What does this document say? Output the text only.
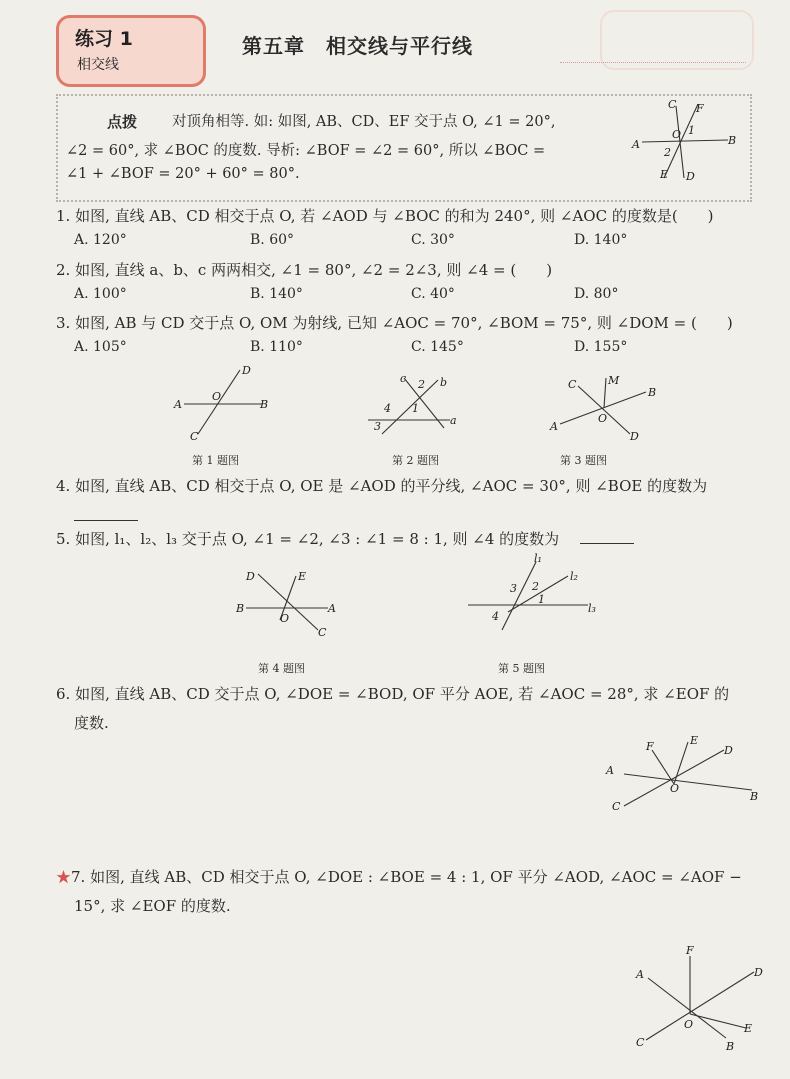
练习 1
相交线
第五章　相交线与平行线
点拨 对顶角相等. 如: 如图, AB、CD、EF 交于点 O, ∠1 = 20°,
∠2 = 60°, 求 ∠BOC 的度数. 导析: ∠BOF = ∠2 = 60°, 所以 ∠BOC =
∠1 + ∠BOF = 20° + 60° = 80°.
C F
A
O	B
1
2
E D
1. 如图, 直线 AB、CD 相交于点 O, 若 ∠AOD 与 ∠BOC 的和为 240°, 则 ∠AOC 的度数是(　　)
A. 120°	B. 60°	C. 30°	D. 140°
2. 如图, 直线 a、b、c 两两相交, ∠1 = 80°, ∠2 = 2∠3, 则 ∠4 = (　　)
A. 100°	B. 140°	C. 40°	D. 80°
3. 如图, AB 与 CD 交于点 O, OM 为射线, 已知 ∠AOC = 70°, ∠BOM = 75°, 则 ∠DOM = (　　)
A. 105°	B. 110°	C. 145°	D. 155°
D
A
O
B
C
第 1 题图
c 2 b
4 1
3	a
第 2 题图
C	M
B
O
A
D
第 3 题图
4. 如图, 直线 AB、CD 相交于点 O, OE 是 ∠AOD 的平分线, ∠AOC = 30°, 则 ∠BOE 的度数为
5. 如图, l₁、l₂、l₃ 交于点 O, ∠1 = ∠2, ∠3 : ∠1 = 8 : 1, 则 ∠4 的度数为
D	E
B
O
A
C
第 4 题图
l₁
l₂
3 2
1
l₃
4
第 5 题图
6. 如图, 直线 AB、CD 交于点 O, ∠DOE = ∠BOD, OF 平分 AOE, 若 ∠AOC = 28°, 求 ∠EOF 的
度数.
F	E
D
A
O
B
C
★7. 如图, 直线 AB、CD 相交于点 O, ∠DOE : ∠BOE = 4 : 1, OF 平分 ∠AOD, ∠AOC = ∠AOF −
15°, 求 ∠EOF 的度数.
F
A	D
O	E
C	B
